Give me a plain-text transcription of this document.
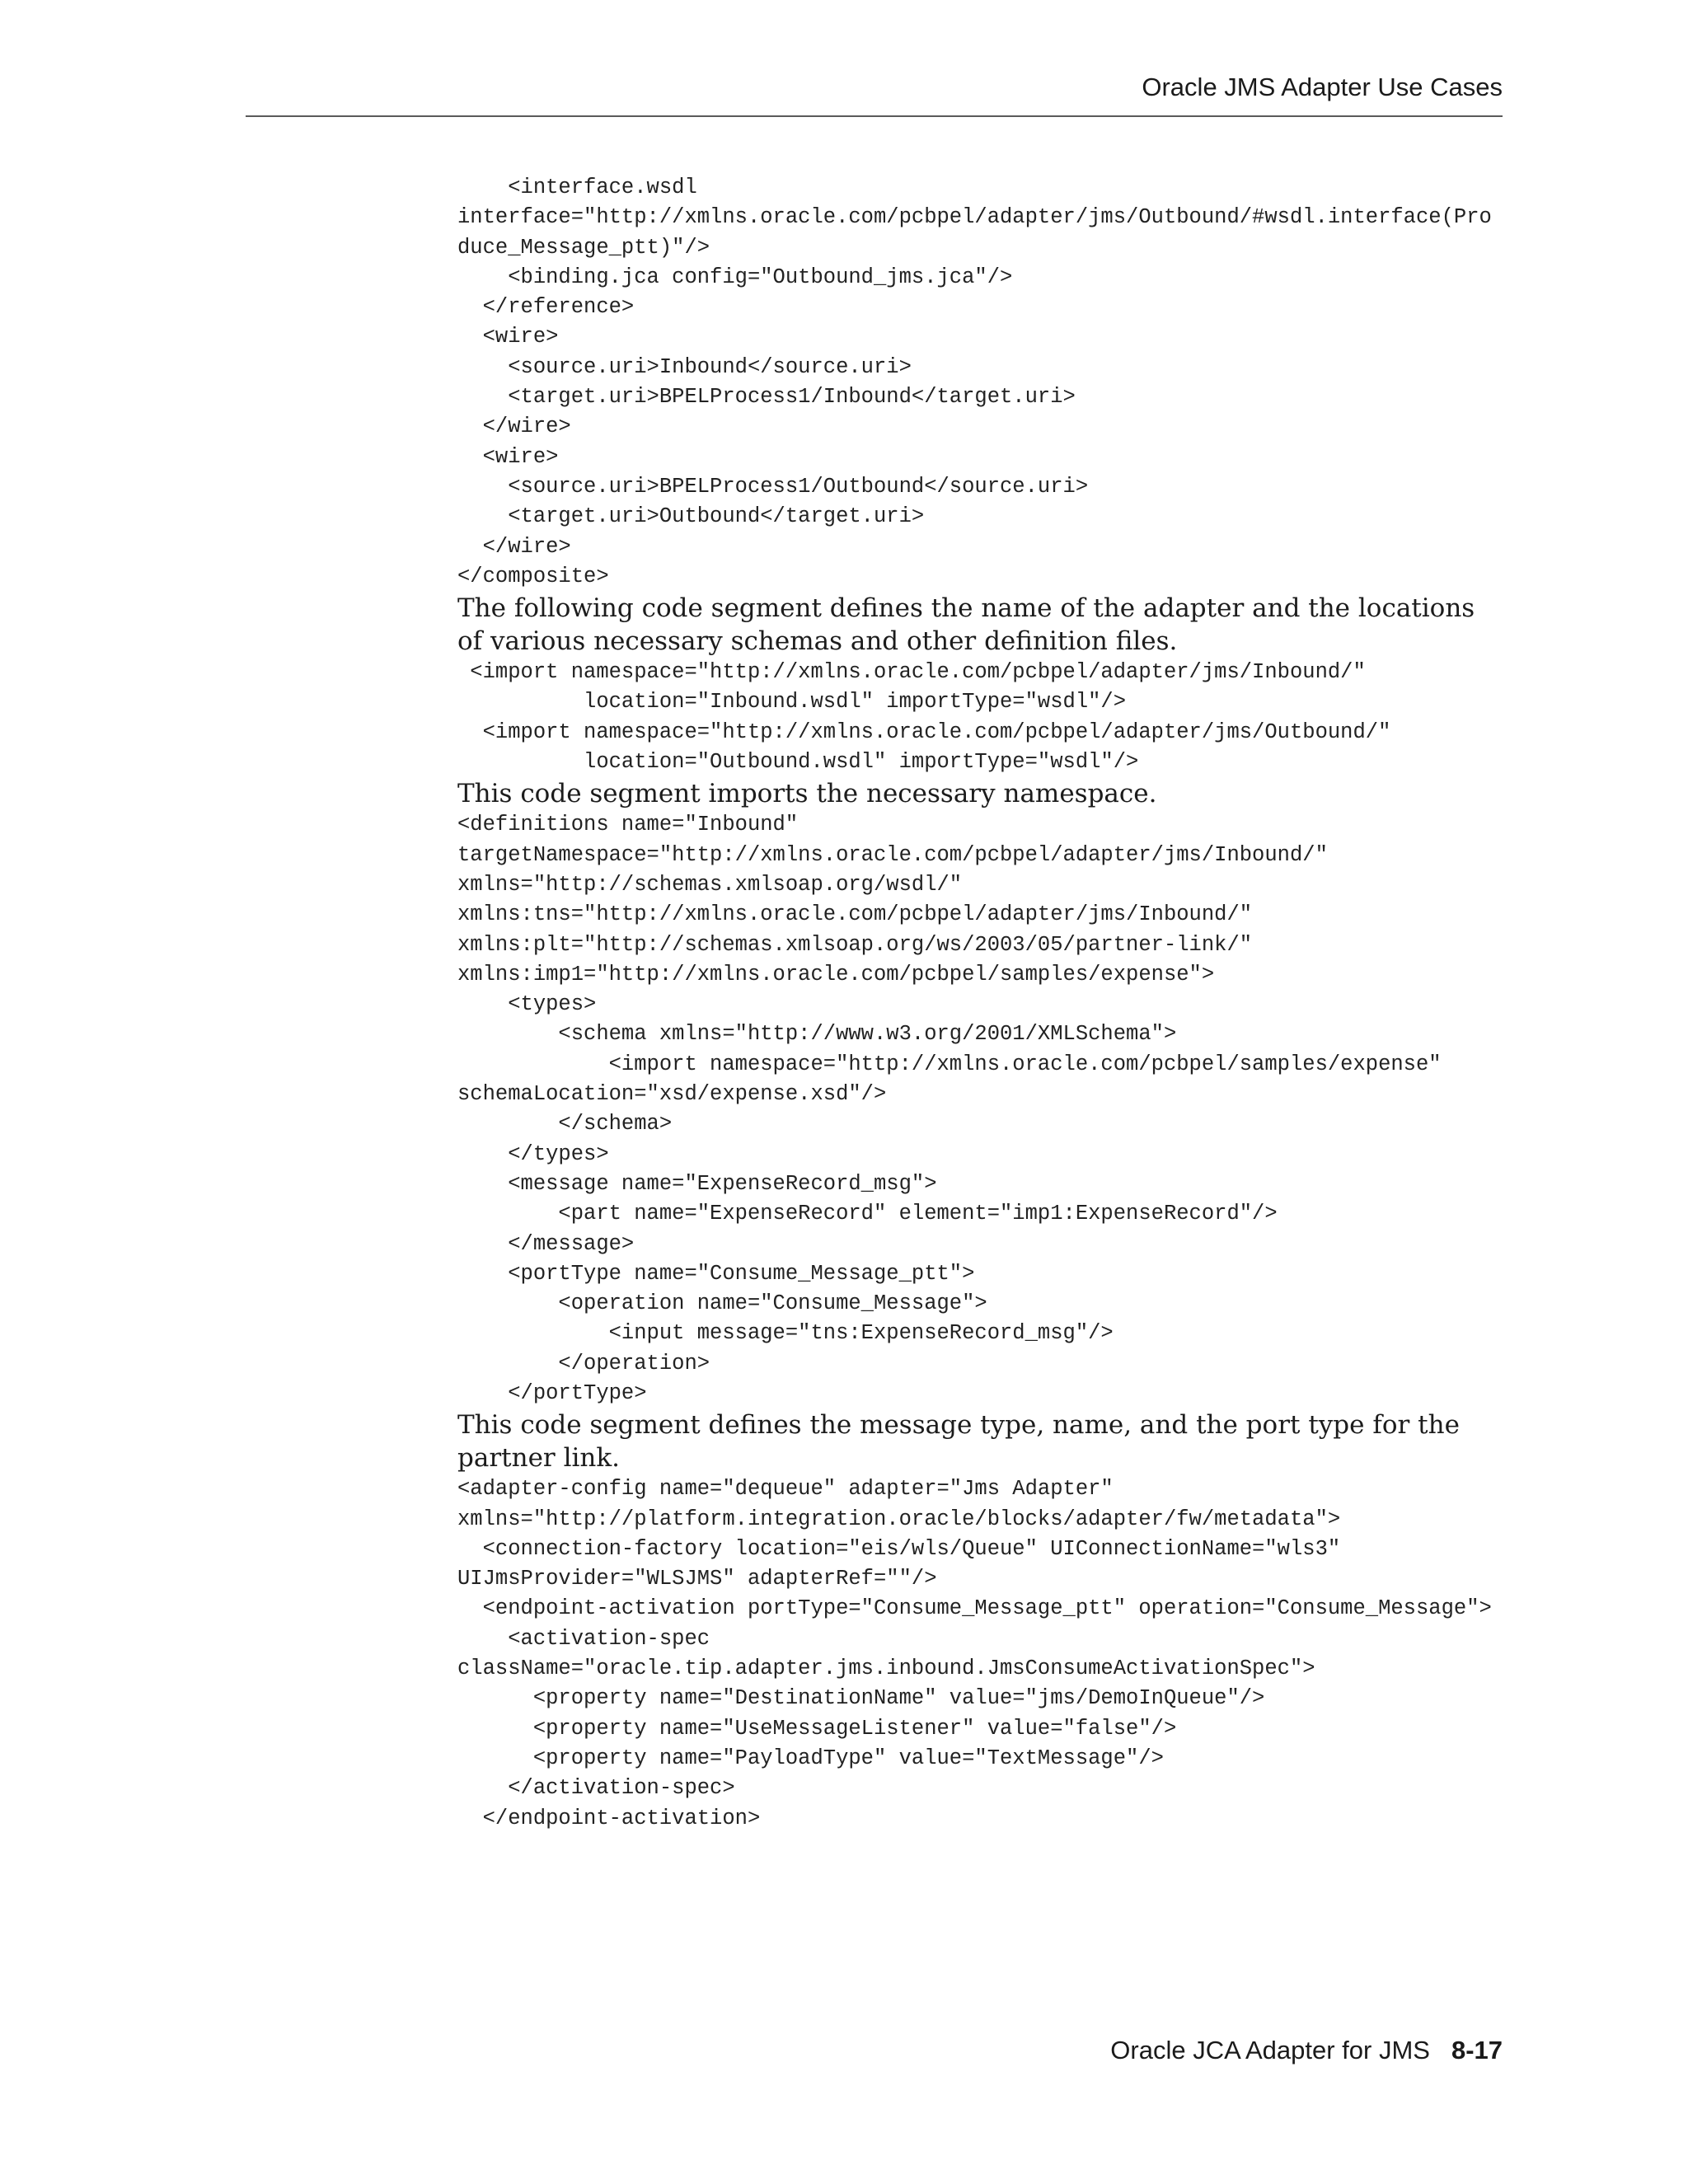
Oracle JMS Adapter Use Cases
<interface.wsdl
interface="http://xmlns.oracle.com/pcbpel/adapter/jms/Outbound/#wsdl.interface(Pro
duce_Message_ptt)"/>
<binding.jca config="Outbound_jms.jca"/>
</reference>
<wire>
<source.uri>Inbound</source.uri>
<target.uri>BPELProcess1/Inbound</target.uri>
</wire>
<wire>
<source.uri>BPELProcess1/Outbound</source.uri>
<target.uri>Outbound</target.uri>
</wire>
</composite>

The following code segment defines the name of the adapter and the locations of various necessary schemas and other definition files.

<import namespace="http://xmlns.oracle.com/pcbpel/adapter/jms/Inbound/"
location="Inbound.wsdl" importType="wsdl"/>
<import namespace="http://xmlns.oracle.com/pcbpel/adapter/jms/Outbound/"
location="Outbound.wsdl" importType="wsdl"/>

This code segment imports the necessary namespace.

<definitions name="Inbound"
targetNamespace="http://xmlns.oracle.com/pcbpel/adapter/jms/Inbound/"
xmlns="http://schemas.xmlsoap.org/wsdl/"
xmlns:tns="http://xmlns.oracle.com/pcbpel/adapter/jms/Inbound/"
xmlns:plt="http://schemas.xmlsoap.org/ws/2003/05/partner-link/"
xmlns:imp1="http://xmlns.oracle.com/pcbpel/samples/expense">
<types>
<schema xmlns="http://www.w3.org/2001/XMLSchema">
<import namespace="http://xmlns.oracle.com/pcbpel/samples/expense"
schemaLocation="xsd/expense.xsd"/>
</schema>
</types>
<message name="ExpenseRecord_msg">
<part name="ExpenseRecord" element="imp1:ExpenseRecord"/>
</message>
<portType name="Consume_Message_ptt">
<operation name="Consume_Message">
<input message="tns:ExpenseRecord_msg"/>
</operation>
</portType>

This code segment defines the message type, name, and the port type for the partner link.

<adapter-config name="dequeue" adapter="Jms Adapter"
xmlns="http://platform.integration.oracle/blocks/adapter/fw/metadata">
<connection-factory location="eis/wls/Queue" UIConnectionName="wls3"
UIJmsProvider="WLSJMS" adapterRef=""/>
<endpoint-activation portType="Consume_Message_ptt" operation="Consume_Message">
<activation-spec
className="oracle.tip.adapter.jms.inbound.JmsConsumeActivationSpec">
<property name="DestinationName" value="jms/DemoInQueue"/>
<property name="UseMessageListener" value="false"/>
<property name="PayloadType" value="TextMessage"/>
</activation-spec>
</endpoint-activation>
Oracle JCA Adapter for JMS 8-17
